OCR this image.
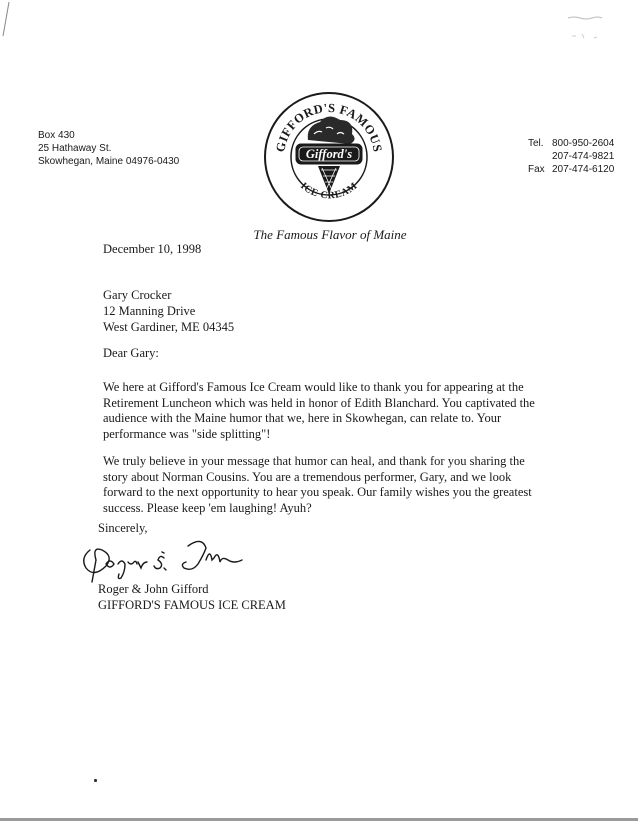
Box 430
25 Hathaway St.
Skowhegan, Maine 04976-0430
Tel. 800-950-2604
207-474-9821
Fax 207-474-6120
GIFFORD'S FAMOUS
ICE CREAM
Gifford's
The Famous Flavor of Maine
December 10, 1998
Gary Crocker
12 Manning Drive
West Gardiner, ME 04345
Dear Gary:
We here at Gifford's Famous Ice Cream would like to thank you for appearing at the Retirement Luncheon which was held in honor of Edith Blanchard. You captivated the audience with the Maine humor that we, here in Skowhegan, can relate to. Your performance was "side splitting"!
We truly believe in your message that humor can heal, and thank for you sharing the story about Norman Cousins. You are a tremendous performer, Gary, and we look forward to the next opportunity to hear you speak. Our family wishes you the greatest success. Please keep 'em laughing! Ayuh?
Sincerely,
Roger & John Gifford
GIFFORD'S FAMOUS ICE CREAM
